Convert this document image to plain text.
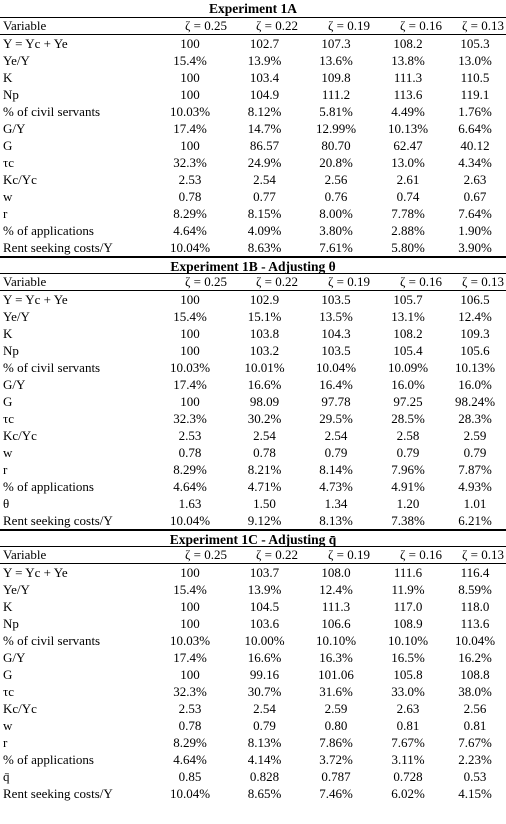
Experiment 1A
Variable	ζ = 0.25	ζ = 0.22	ζ = 0.19	ζ = 0.16	ζ = 0.13
Y = Yc + Ye	100	102.7	107.3	108.2	105.3
Ye/Y	15.4%	13.9%	13.6%	13.8%	13.0%
K	100	103.4	109.8	111.3	110.5
Np	100	104.9	111.2	113.6	119.1
% of civil servants	10.03%	8.12%	5.81%	4.49%	1.76%
G/Y	17.4%	14.7%	12.99%	10.13%	6.64%
G	100	86.57	80.70	62.47	40.12
τc	32.3%	24.9%	20.8%	13.0%	4.34%
Kc/Yc	2.53	2.54	2.56	2.61	2.63
w	0.78	0.77	0.76	0.74	0.67
r	8.29%	8.15%	8.00%	7.78%	7.64%
% of applications	4.64%	4.09%	3.80%	2.88%	1.90%
Rent seeking costs/Y	10.04%	8.63%	7.61%	5.80%	3.90%
Experiment 1B - Adjusting θ
Variable	ζ = 0.25	ζ = 0.22	ζ = 0.19	ζ = 0.16	ζ = 0.13
Y = Yc + Ye	100	102.9	103.5	105.7	106.5
Ye/Y	15.4%	15.1%	13.5%	13.1%	12.4%
K	100	103.8	104.3	108.2	109.3
Np	100	103.2	103.5	105.4	105.6
% of civil servants	10.03%	10.01%	10.04%	10.09%	10.13%
G/Y	17.4%	16.6%	16.4%	16.0%	16.0%
G	100	98.09	97.78	97.25	98.24%
τc	32.3%	30.2%	29.5%	28.5%	28.3%
Kc/Yc	2.53	2.54	2.54	2.58	2.59
w	0.78	0.78	0.79	0.79	0.79
r	8.29%	8.21%	8.14%	7.96%	7.87%
% of applications	4.64%	4.71%	4.73%	4.91%	4.93%
θ	1.63	1.50	1.34	1.20	1.01
Rent seeking costs/Y	10.04%	9.12%	8.13%	7.38%	6.21%
Experiment 1C - Adjusting q̄
Variable	ζ = 0.25	ζ = 0.22	ζ = 0.19	ζ = 0.16	ζ = 0.13
Y = Yc + Ye	100	103.7	108.0	111.6	116.4
Ye/Y	15.4%	13.9%	12.4%	11.9%	8.59%
K	100	104.5	111.3	117.0	118.0
Np	100	103.6	106.6	108.9	113.6
% of civil servants	10.03%	10.00%	10.10%	10.10%	10.04%
G/Y	17.4%	16.6%	16.3%	16.5%	16.2%
G	100	99.16	101.06	105.8	108.8
τc	32.3%	30.7%	31.6%	33.0%	38.0%
Kc/Yc	2.53	2.54	2.59	2.63	2.56
w	0.78	0.79	0.80	0.81	0.81
r	8.29%	8.13%	7.86%	7.67%	7.67%
% of applications	4.64%	4.14%	3.72%	3.11%	2.23%
q̄	0.85	0.828	0.787	0.728	0.53
Rent seeking costs/Y	10.04%	8.65%	7.46%	6.02%	4.15%
